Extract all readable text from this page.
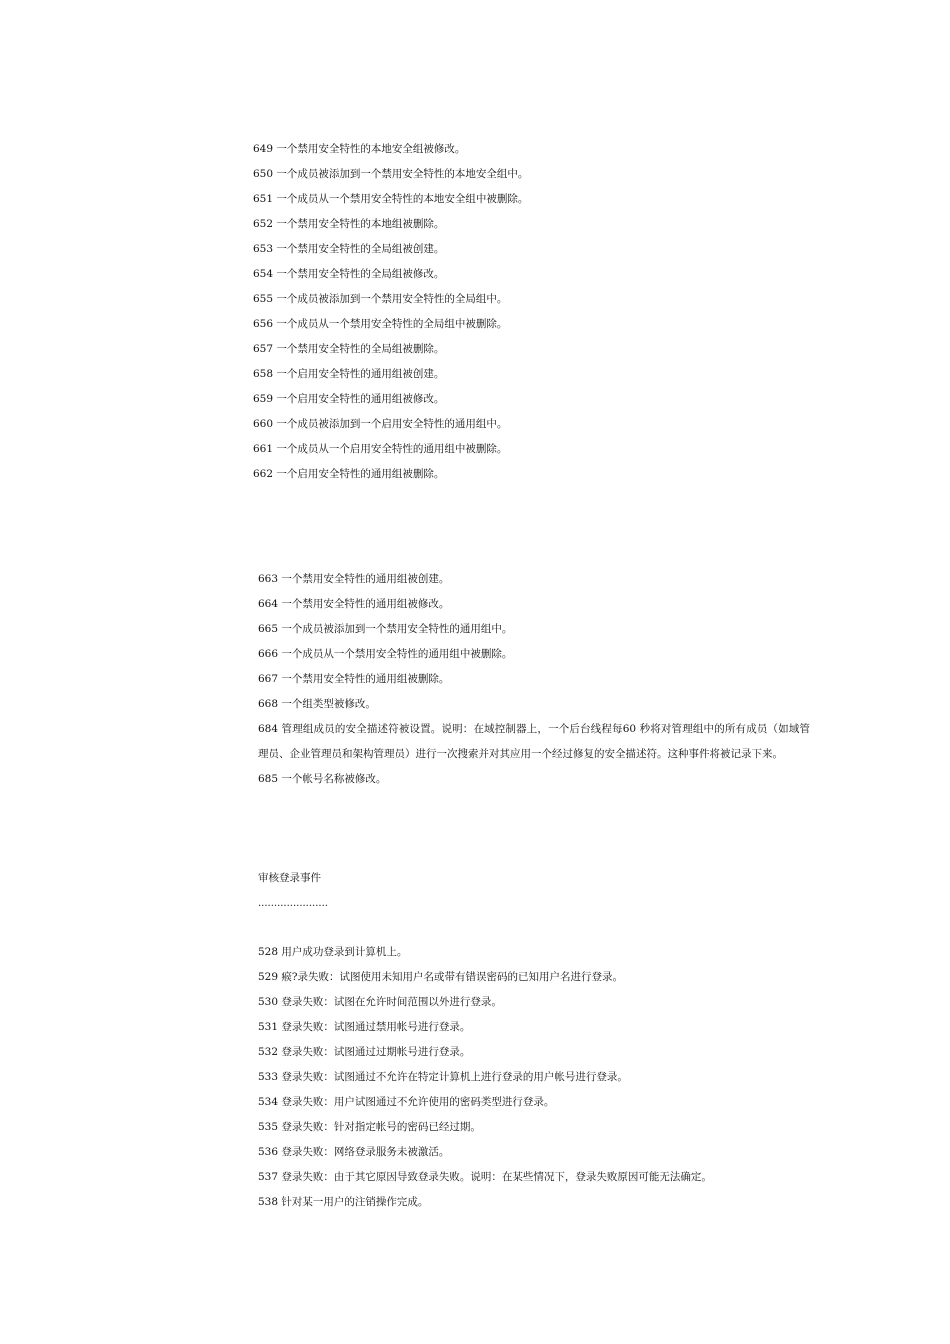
649 一个禁用安全特性的本地安全组被修改。
650 一个成员被添加到一个禁用安全特性的本地安全组中。
651 一个成员从一个禁用安全特性的本地安全组中被删除。
652 一个禁用安全特性的本地组被删除。
653 一个禁用安全特性的全局组被创建。
654 一个禁用安全特性的全局组被修改。
655 一个成员被添加到一个禁用安全特性的全局组中。
656 一个成员从一个禁用安全特性的全局组中被删除。
657 一个禁用安全特性的全局组被删除。
658 一个启用安全特性的通用组被创建。
659 一个启用安全特性的通用组被修改。
660 一个成员被添加到一个启用安全特性的通用组中。
661 一个成员从一个启用安全特性的通用组中被删除。
662 一个启用安全特性的通用组被删除。
663 一个禁用安全特性的通用组被创建。
664 一个禁用安全特性的通用组被修改。
665 一个成员被添加到一个禁用安全特性的通用组中。
666 一个成员从一个禁用安全特性的通用组中被删除。
667 一个禁用安全特性的通用组被删除。
668 一个组类型被修改。
684 管理组成员的安全描述符被设置。说明：在域控制器上，一个后台线程每60 秒将对管理组中的所有成员（如域管理员、企业管理员和架构管理员）进行一次搜索并对其应用一个经过修复的安全描述符。这种事件将被记录下来。
685 一个帐号名称被修改。
审核登录事件
......................
528 用户成功登录到计算机上。
529 瘊?录失败：试图使用未知用户名或带有错误密码的已知用户名进行登录。
530 登录失败：试图在允许时间范围以外进行登录。
531 登录失败：试图通过禁用帐号进行登录。
532 登录失败：试图通过过期帐号进行登录。
533 登录失败：试图通过不允许在特定计算机上进行登录的用户帐号进行登录。
534 登录失败：用户试图通过不允许使用的密码类型进行登录。
535 登录失败：针对指定帐号的密码已经过期。
536 登录失败：网络登录服务未被激活。
537 登录失败：由于其它原因导致登录失败。说明：在某些情况下，登录失败原因可能无法确定。
538 针对某一用户的注销操作完成。
